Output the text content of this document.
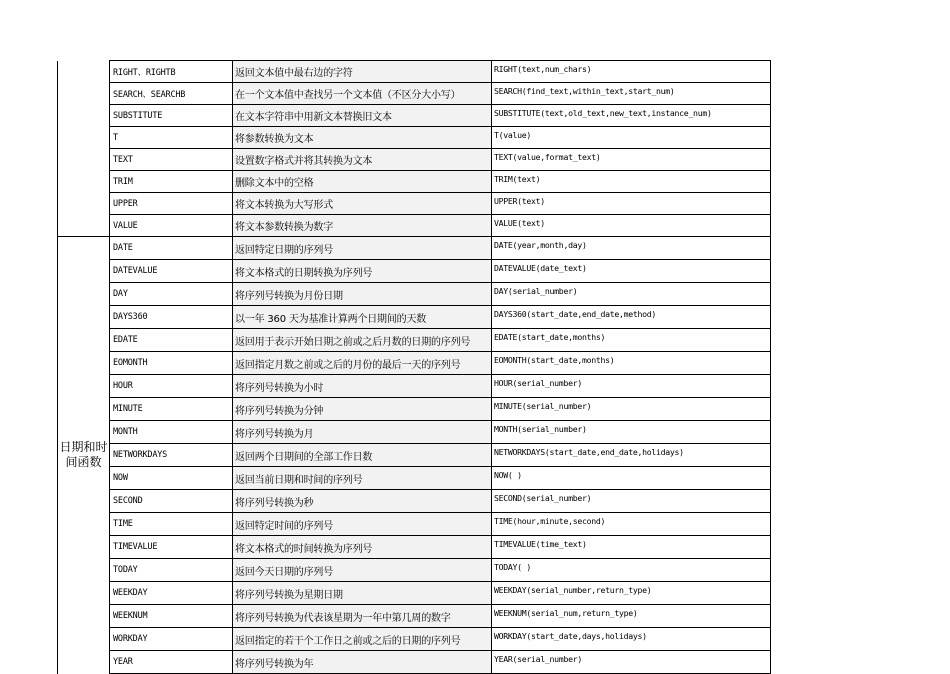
	RIGHT、RIGHTB	返回文本值中最右边的字符	RIGHT(text,num_chars)
	SEARCH、SEARCHB	在一个文本值中查找另一个文本值（不区分大小写）	SEARCH(find_text,within_text,start_num)
	SUBSTITUTE	在文本字符串中用新文本替换旧文本	SUBSTITUTE(text,old_text,new_text,instance_num)
	T	将参数转换为文本	T(value)
	TEXT	设置数字格式并将其转换为文本	TEXT(value,format_text)
	TRIM	删除文本中的空格	TRIM(text)
	UPPER	将文本转换为大写形式	UPPER(text)
	VALUE	将文本参数转换为数字	VALUE(text)
日期和时间函数	DATE	返回特定日期的序列号	DATE(year,month,day)
	DATEVALUE	将文本格式的日期转换为序列号	DATEVALUE(date_text)
	DAY	将序列号转换为月份日期	DAY(serial_number)
	DAYS360	以一年 360 天为基准计算两个日期间的天数	DAYS360(start_date,end_date,method)
	EDATE	返回用于表示开始日期之前或之后月数的日期的序列号	EDATE(start_date,months)
	EOMONTH	返回指定月数之前或之后的月份的最后一天的序列号	EOMONTH(start_date,months)
	HOUR	将序列号转换为小时	HOUR(serial_number)
	MINUTE	将序列号转换为分钟	MINUTE(serial_number)
	MONTH	将序列号转换为月	MONTH(serial_number)
	NETWORKDAYS	返回两个日期间的全部工作日数	NETWORKDAYS(start_date,end_date,holidays)
	NOW	返回当前日期和时间的序列号	NOW( )
	SECOND	将序列号转换为秒	SECOND(serial_number)
	TIME	返回特定时间的序列号	TIME(hour,minute,second)
	TIMEVALUE	将文本格式的时间转换为序列号	TIMEVALUE(time_text)
	TODAY	返回今天日期的序列号	TODAY( )
	WEEKDAY	将序列号转换为星期日期	WEEKDAY(serial_number,return_type)
	WEEKNUM	将序列号转换为代表该星期为一年中第几周的数字	WEEKNUM(serial_num,return_type)
	WORKDAY	返回指定的若干个工作日之前或之后的日期的序列号	WORKDAY(start_date,days,holidays)
	YEAR	将序列号转换为年	YEAR(serial_number)
